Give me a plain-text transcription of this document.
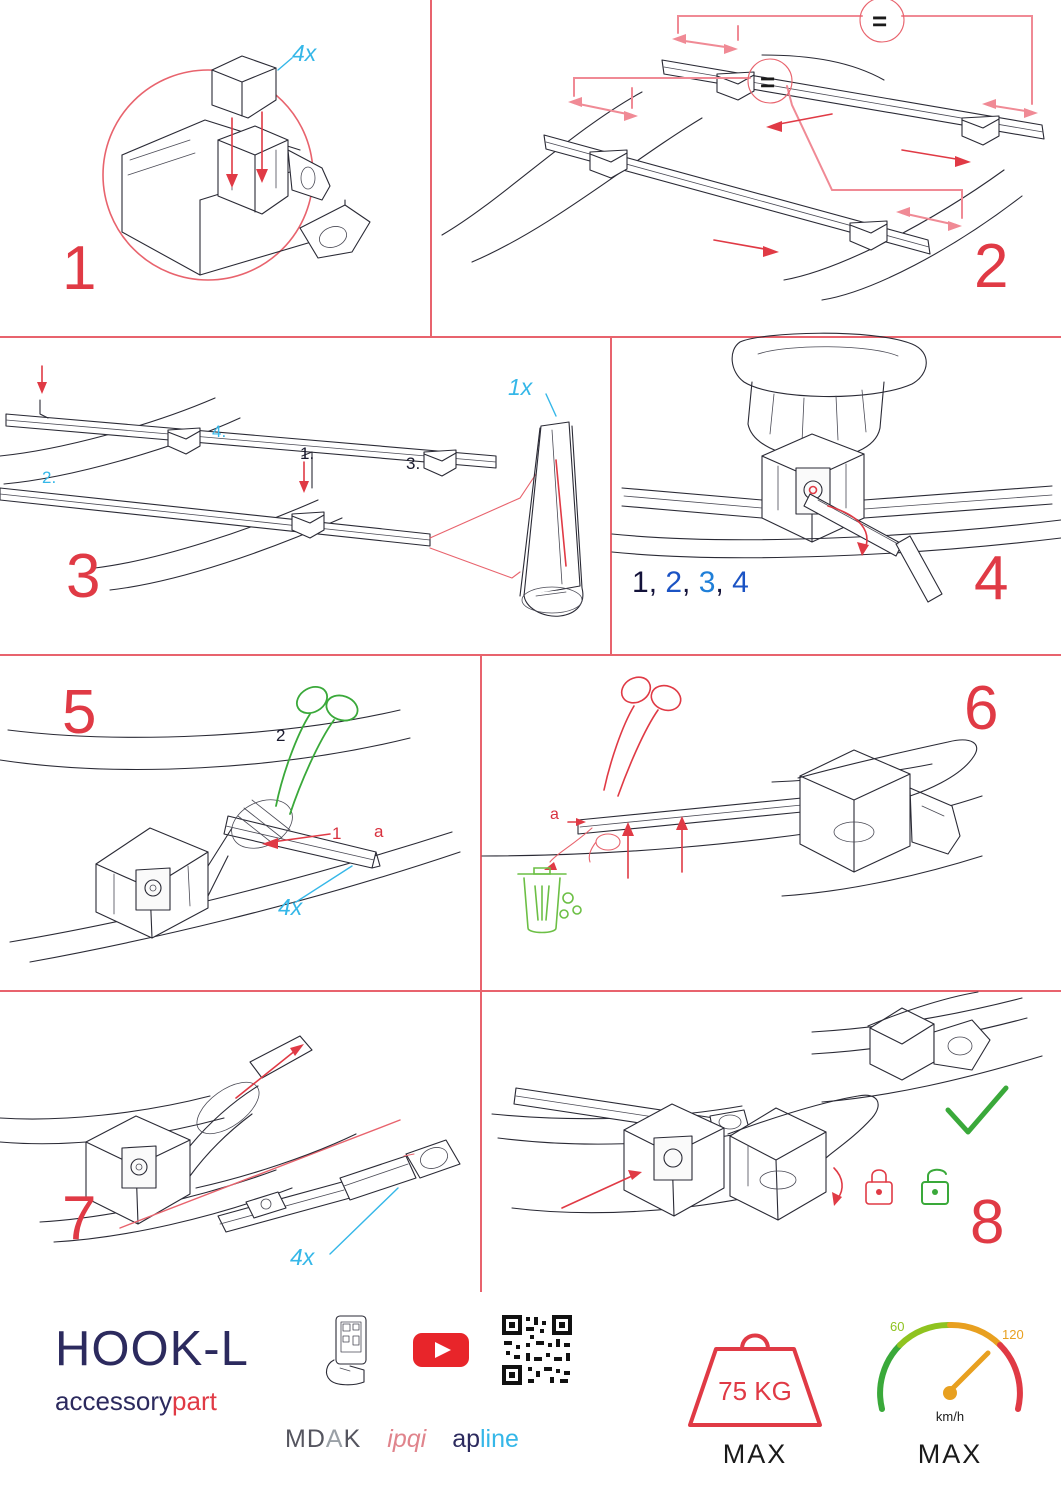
4x
1
=
=
2
1x
1.
2.
3.
4.
3	1, 2, 3, 4	4
5	2
1 a
4x
a
6
7
4x	8
HOOK-L
accessorypart
MDAK ipqi apline
75 KG
MAX
60
120
km/h
MAX
